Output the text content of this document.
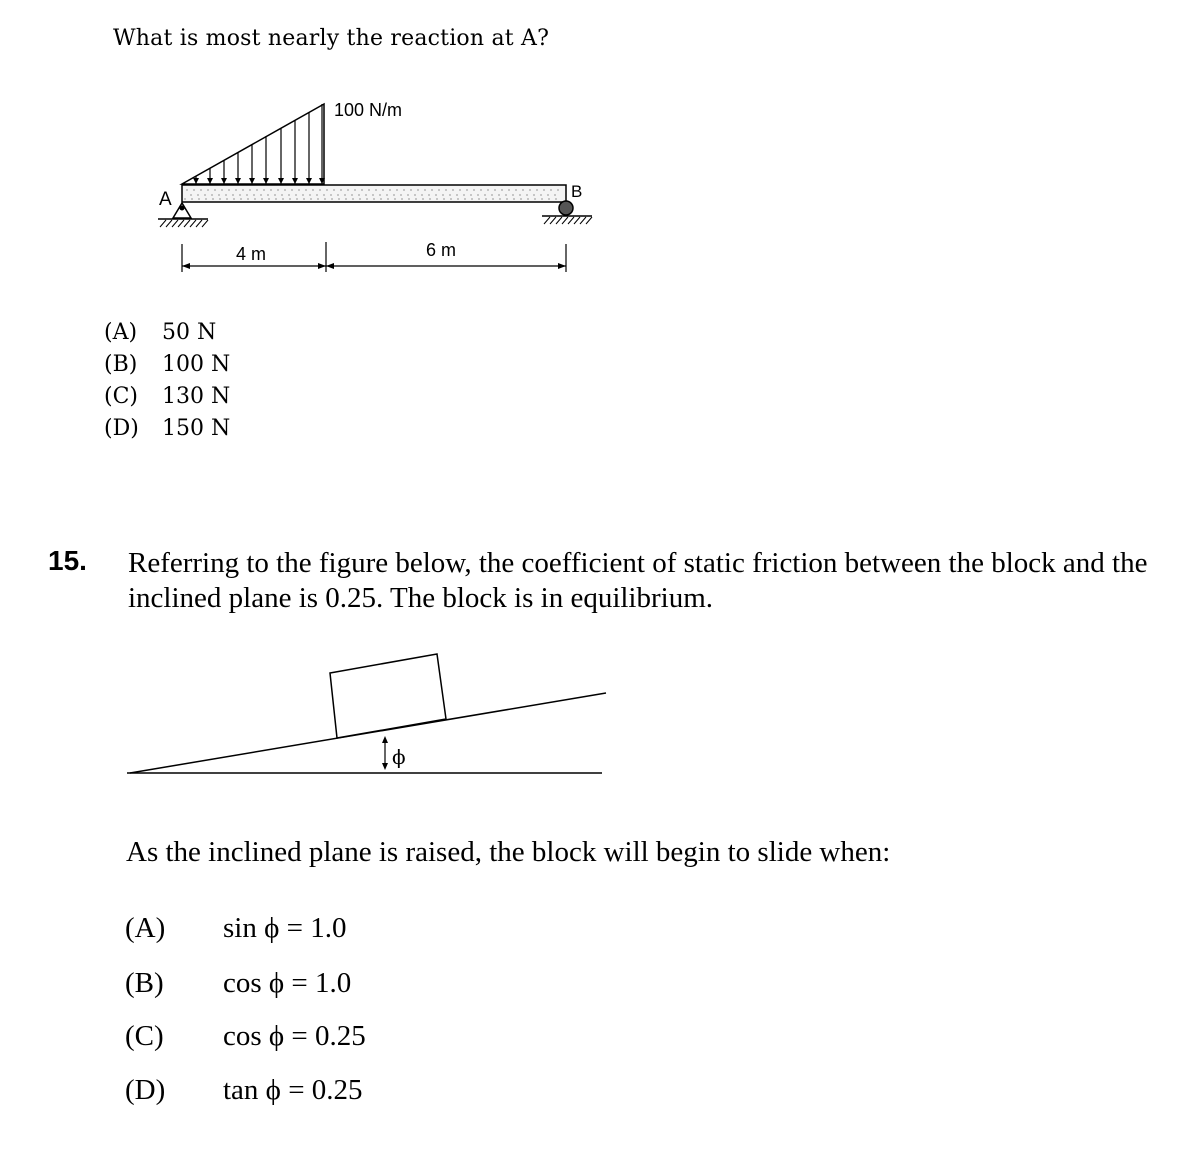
What is most nearly the reaction at A?
100 N/m
A	B
4 m	6 m
(A) 50 N
(B) 100 N
(C) 130 N
(D) 150 N
15. Referring to the figure below, the coefficient of static friction between the block and the inclined plane is 0.25. The block is in equilibrium.
ϕ
As the inclined plane is raised, the block will begin to slide when:
(A) sin ϕ = 1.0
(B) cos ϕ = 1.0
(C) cos ϕ = 0.25
(D) tan ϕ = 0.25
